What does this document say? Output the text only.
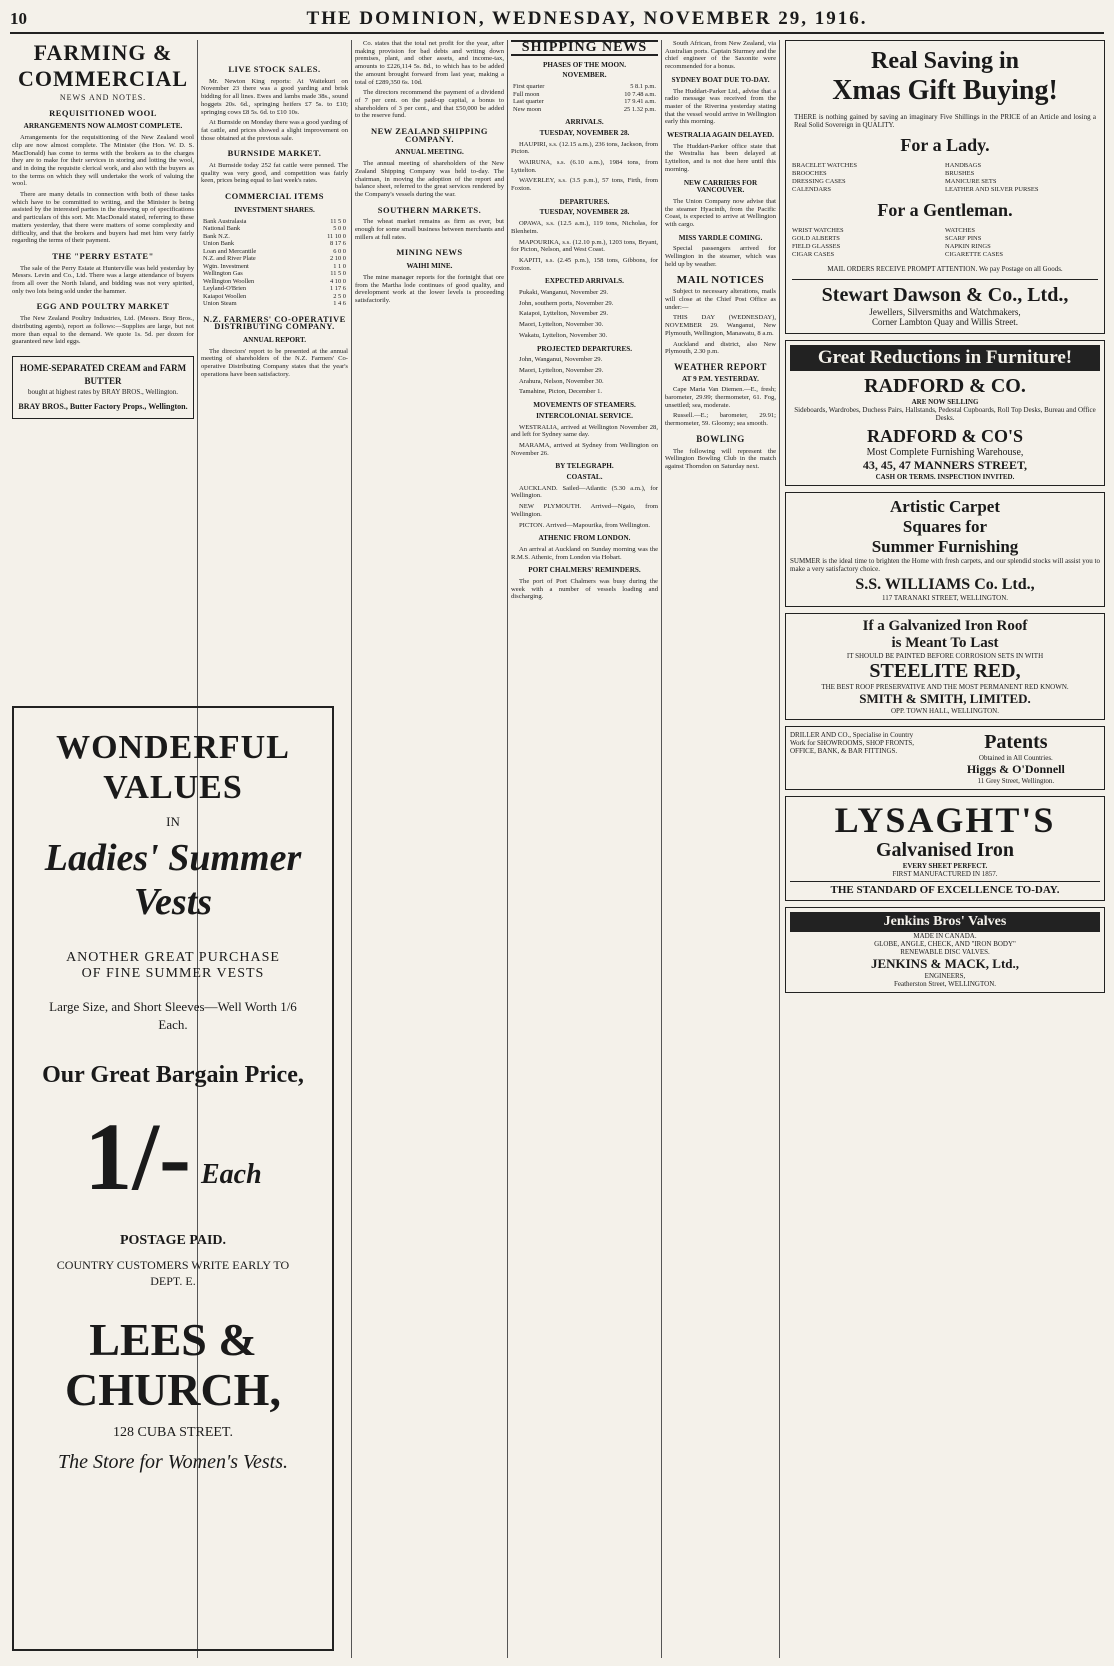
10	THE DOMINION, WEDNESDAY, NOVEMBER 29, 1916.
FARMING & COMMERCIAL
NEWS AND NOTES.
REQUISITIONED WOOL
ARRANGEMENTS NOW ALMOST COMPLETE.

Arrangements for the requisitioning of the New Zealand wool clip are now almost complete. The Minister (the Hon. W. D. S. MacDonald) has come to terms with the brokers as to the charges they are to make for their services in storing and lotting the wool, and in doing the requisite clerical work, and also with the buyers as to the terms on which they will undertake the work of valuing the wool.

There are many details in connection with both of these tasks which have to be committed to writing, and the Minister is being assisted by the interested parties in the drawing up of specifications and particulars of this sort. Mr. MacDonald stated, referring to these matters yesterday, that there were matters of some complexity and difficulty, and that the brokers and buyers had met him very fairly regarding the terms of their payment.

THE "PERRY ESTATE"

The sale of the Perry Estate at Hunterville was held yesterday by Messrs. Levin and Co., Ltd. There was a large attendance of buyers from all over the North Island, and bidding was not very spirited, only two lots being sold under the hammer.

EGG AND POULTRY MARKET

The New Zealand Poultry Industries, Ltd. (Messrs. Bray Bros., distributing agents), report as follows:—Supplies are large, but not more than equal to the demand. We quote 1s. 5d. per dozen for guaranteed new laid eggs.

HOME-SEPARATED CREAM and FARM BUTTER
bought at highest rates by BRAY BROS., Wellington.
BRAY BROS., Butter Factory Props., Wellington.
LIVE STOCK SALES.

Mr. Newton King reports: At Waitekuri on November 23 there was a good yarding and brisk bidding for all lines. Ewes and lambs made 38s., sound hoggets 20s. 6d., springing heifers £7 5s. to £10; springing cows £8 5s. 6d. to £10 10s.

At Burnside on Monday there was a good yarding of fat cattle, and prices showed a slight improvement on those obtained at the previous sale.

BURNSIDE MARKET.

At Burnside today 252 fat cattle were penned. The quality was very good, and competition was fairly keen, prices being equal to last week's rates.

COMMERCIAL ITEMS
INVESTMENT SHARES.
Bank Australasia	11 5 0
National Bank	5 0 0
Bank N.Z.	11 10 0
Union Bank	8 17 6
Loan and Mercantile	6 0 0
N.Z. and River Plate	2 10 0
Wgtn. Investment	1 1 0
Wellington Gas	11 5 0
Wellington Woollen	4 10 0
Leyland-O'Brien	1 17 6
Kaiapoi Woollen	2 5 0
Union Steam	1 4 6
N.Z. FARMERS' CO-OPERATIVE DISTRIBUTING COMPANY.
ANNUAL REPORT.

The directors' report to be presented at the annual meeting of shareholders of the N.Z. Farmers' Co-operative Distributing Company states that the year's operations have been satisfactory.

WONDERFUL VALUES
IN
Ladies' Summer Vests
ANOTHER GREAT PURCHASE
OF FINE SUMMER VESTS
Large Size, and Short Sleeves—Well Worth 1/6 Each.
Our Great Bargain Price,
1/- Each
POSTAGE PAID.
COUNTRY CUSTOMERS WRITE EARLY TO DEPT. E.
LEES & CHURCH,
128 CUBA STREET.
The Store for Women's Vests.

Co. states that the total net profit for the year, after making provision for bad debts and writing down premises, plant, and other assets, and income-tax, amounts to £226,114 5s. 8d., to which has to be added the amount brought forward from last year, making a total of £289,350 6s. 10d.

The directors recommend the payment of a dividend of 7 per cent. on the paid-up capital, a bonus to shareholders of 3 per cent., and that £50,000 be added to the reserve fund.

NEW ZEALAND SHIPPING COMPANY.
ANNUAL MEETING.

The annual meeting of shareholders of the New Zealand Shipping Company was held to-day. The chairman, in moving the adoption of the report and balance sheet, referred to the great services rendered by the Company's vessels during the war.

SOUTHERN MARKETS.

The wheat market remains as firm as ever, but enough for some small business between merchants and millers at full rates.

MINING NEWS
WAIHI MINE.

The mine manager reports for the fortnight that ore from the Martha lode continues of good quality, and development work at the lower levels is proceeding satisfactorily.

SHIPPING NEWS
PHASES OF THE MOON.
NOVEMBER.
First quarter	5 8.1 p.m.
Full moon	10 7.48 a.m.
Last quarter	17 9.41 a.m.
New moon	25 1.32 p.m.
ARRIVALS.
TUESDAY, NOVEMBER 28.

HAUPIRI, s.s. (12.15 a.m.), 236 tons, Jackson, from Picton.

WAIRUNA, s.s. (6.10 a.m.), 1984 tons, from Lyttelton.

WAVERLEY, s.s. (3.5 p.m.), 57 tons, Firth, from Foxton.

DEPARTURES.
TUESDAY, NOVEMBER 28.

OPAWA, s.s. (12.5 a.m.), 119 tons, Nicholas, for Blenheim.

MAPOURIKA, s.s. (12.10 p.m.), 1203 tons, Bryant, for Picton, Nelson, and West Coast.

KAPITI, s.s. (2.45 p.m.), 158 tons, Gibbons, for Foxton.

EXPECTED ARRIVALS.

Pukaki, Wanganui, November 29.

John, southern ports, November 29.

Kaiapoi, Lyttelton, November 29.

Maori, Lyttelton, November 30.

Wakatu, Lyttelton, November 30.

PROJECTED DEPARTURES.

John, Wanganui, November 29.

Maori, Lyttelton, November 29.

Arahura, Nelson, November 30.

Tamahine, Picton, December 1.

MOVEMENTS OF STEAMERS.
INTERCOLONIAL SERVICE.

WESTRALIA, arrived at Wellington November 28, and left for Sydney same day.

MARAMA, arrived at Sydney from Wellington on November 26.

BY TELEGRAPH.
COASTAL.

AUCKLAND. Sailed—Atlantic (5.30 a.m.), for Wellington.

NEW PLYMOUTH. Arrived—Ngaio, from Wellington.

PICTON. Arrived—Mapourika, from Wellington.

ATHENIC FROM LONDON.

An arrival at Auckland on Sunday morning was the R.M.S. Athenic, from London via Hobart.

PORT CHALMERS' REMINDERS.

The port of Port Chalmers was busy during the week with a number of vessels loading and discharging.

South African, from New Zealand, via Australian ports. Captain Sturmey and the chief engineer of the Saxonite were recommended for a bonus.

SYDNEY BOAT DUE TO-DAY.

The Huddart-Parker Ltd., advise that a radio message was received from the master of the Riverina yesterday stating that the vessel would arrive in Wellington early this morning.

WESTRALIA AGAIN DELAYED.

The Huddart-Parker office state that the Westralia has been delayed at Lyttelton, and is not due here until this morning.

NEW CARRIERS FOR VANCOUVER.

The Union Company now advise that the steamer Hyacinth, from the Pacific Coast, is expected to arrive at Wellington with cargo.

MISS YARDLE COMING.

Special passengers arrived for Wellington in the steamer, which was held up by weather.

MAIL NOTICES

Subject to necessary alterations, mails will close at the Chief Post Office as under:—

THIS DAY (WEDNESDAY), NOVEMBER 29. Wanganui, New Plymouth, Wellington, Manawatu, 8 a.m.

Auckland and district, also New Plymouth, 2.30 p.m.

WEATHER REPORT
AT 9 P.M. YESTERDAY.

Cape Maria Van Diemen.—E., fresh; barometer, 29.99; thermometer, 61. Fog, unsettled; sea, moderate.

Russell.—E.; barometer, 29.91; thermometer, 59. Gloomy; sea smooth.

BOWLING

The following will represent the Wellington Bowling Club in the match against Thorndon on Saturday next.

Real Saving in
Xmas Gift Buying!
THERE is nothing gained by saving an imaginary Five Shillings in the PRICE of an Article and losing a Real Solid Sovereign in QUALITY.
For a Lady.
BRACELET WATCHES	HANDBAGS
BROOCHES	BRUSHES
DRESSING CASES	MANICURE SETS
CALENDARS	LEATHER AND SILVER PURSES
For a Gentleman.
WRIST WATCHES	WATCHES
GOLD ALBERTS	SCARF PINS
FIELD GLASSES	NAPKIN RINGS
CIGAR CASES	CIGARETTE CASES
MAIL ORDERS RECEIVE PROMPT ATTENTION. We pay Postage on all Goods.
Stewart Dawson & Co., Ltd.,
Jewellers, Silversmiths and Watchmakers,
Corner Lambton Quay and Willis Street.
Great Reductions in Furniture!
RADFORD & CO.
ARE NOW SELLING
Sideboards, Wardrobes, Duchess Pairs, Hallstands, Pedestal Cupboards, Roll Top Desks, Bureau and Office Desks.
RADFORD & CO'S
Most Complete Furnishing Warehouse,
43, 45, 47 MANNERS STREET,
CASH OR TERMS. INSPECTION INVITED.
Artistic Carpet
Squares for
Summer Furnishing
SUMMER is the ideal time to brighten the Home with fresh carpets, and our splendid stocks will assist you to make a very satisfactory choice.
S.S. WILLIAMS Co. Ltd.,
117 TARANAKI STREET, WELLINGTON.
If a Galvanized Iron Roof
is Meant To Last
IT SHOULD BE PAINTED BEFORE CORROSION SETS IN WITH
STEELITE RED,
THE BEST ROOF PRESERVATIVE AND THE MOST PERMANENT RED KNOWN.
SMITH & SMITH, LIMITED.
OPP. TOWN HALL, WELLINGTON.
DRILLER AND CO., Specialise in Country Work for SHOWROOMS, SHOP FRONTS, OFFICE, BANK, & BAR FITTINGS.	Patents
Obtained in All Countries.
Higgs & O'Donnell
11 Grey Street, Wellington.
LYSAGHT'S
Galvanised Iron
EVERY SHEET PERFECT.
FIRST MANUFACTURED IN 1857.
THE STANDARD OF EXCELLENCE TO-DAY.
Jenkins Bros' Valves
MADE IN CANADA.
GLOBE, ANGLE, CHECK, AND "IRON BODY"
RENEWABLE DISC VALVES.
JENKINS & MACK, Ltd.,
ENGINEERS,
Featherston Street, WELLINGTON.
